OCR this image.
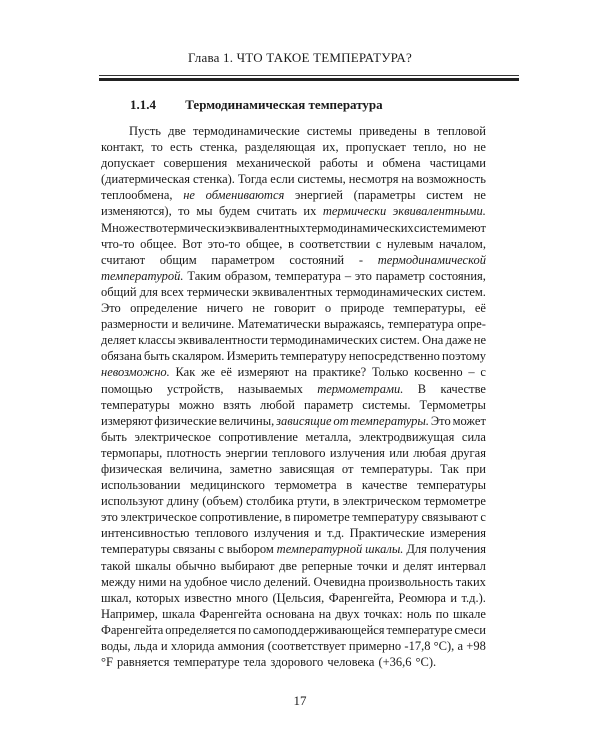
Глава 1. ЧТО ТАКОЕ ТЕМПЕРАТУРА?
1.1.4 Термодинамическая температура
Пусть две термодинамические системы приведены в тепловой
контакт, то есть стенка, разделяющая их, пропускает тепло, но не
допускает совершения механической работы и обмена частицами
(диатермическая стенка). Тогда если системы, несмотря на возможность
теплообмена, не обмениваются энергией (параметры систем не
изменяются), то мы будем считать их термически эквивалентными.
Множество термически эквивалентных термодинамических систем имеют
что-то общее. Вот это-то общее, в соответствии с нулевым началом,
считают общим параметром состояний - термодинамической
температурой. Таким образом, температура – это параметр состояния,
общий для всех термически эквивалентных термодинамических систем.
Это определение ничего не говорит о природе температуры, её
размерности и величине. Математически выражаясь, температура опре-
деляет классы эквивалентности термодинамических систем. Она даже не
обязана быть скаляром. Измерить температуру непосредственно поэтому
невозможно. Как же её измеряют на практике? Только косвенно – с
помощью устройств, называемых термометрами. В качестве
температуры можно взять любой параметр системы. Термометры
измеряют физические величины, зависящие от температуры. Это может
быть электрическое сопротивление металла, электродвижущая сила
термопары, плотность энергии теплового излучения или любая другая
физическая величина, заметно зависящая от температуры. Так при
использовании медицинского термометра в качестве температуры
используют длину (объем) столбика ртути, в электрическом термометре
это электрическое сопротивление, в пирометре температуру связывают с
интенсивностью теплового излучения и т.д. Практические измерения
температуры связаны с выбором температурной шкалы. Для получения
такой шкалы обычно выбирают две реперные точки и делят интервал
между ними на удобное число делений. Очевидна произвольность таких
шкал, которых известно много (Цельсия, Фаренгейта, Реомюра и т.д.).
Например, шкала Фаренгейта основана на двух точках: ноль по шкале
Фаренгейта определяется по самоподдерживающейся температуре смеси
воды, льда и хлорида аммония (соответствует примерно -17,8 °C), а +98
°F равняется температуре тела здорового человека (+36,6 °C).
17
